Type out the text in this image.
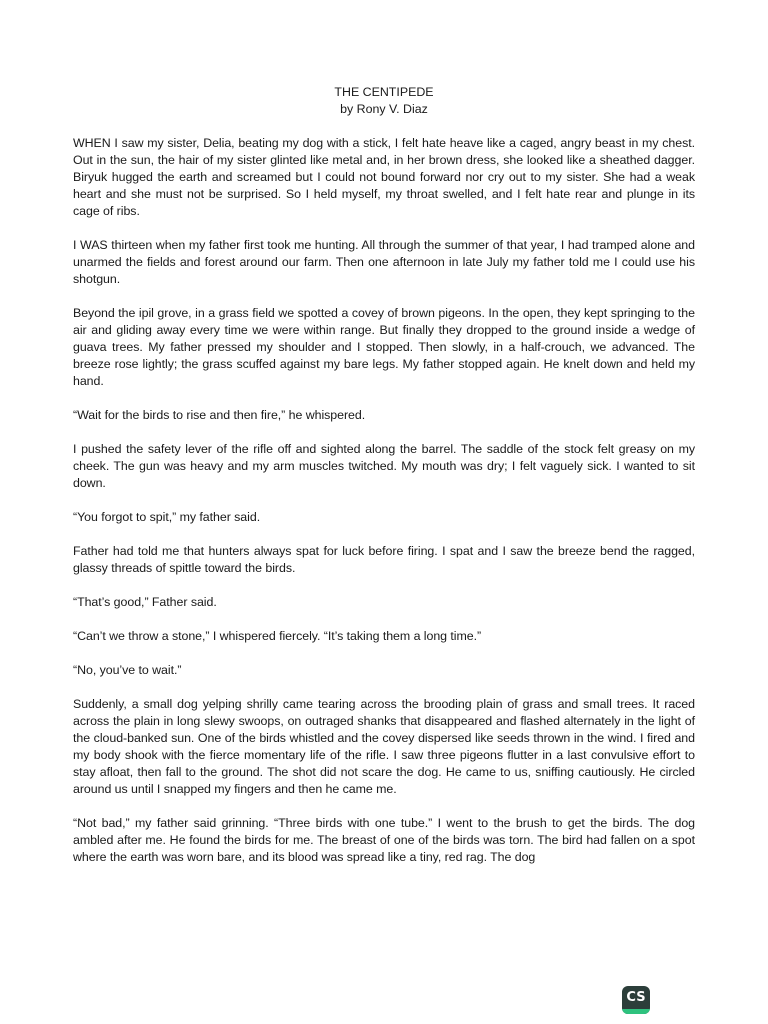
THE CENTIPEDE
by Rony V. Diaz

WHEN I saw my sister, Delia, beating my dog with a stick, I felt hate heave like a caged, angry beast in my chest. Out in the sun, the hair of my sister glinted like metal and, in her brown dress, she looked like a sheathed dagger. Biryuk hugged the earth and screamed but I could not bound forward nor cry out to my sister. She had a weak heart and she must not be surprised. So I held myself, my throat swelled, and I felt hate rear and plunge in its cage of ribs.

I WAS thirteen when my father first took me hunting. All through the summer of that year, I had tramped alone and unarmed the fields and forest around our farm. Then one afternoon in late July my father told me I could use his shotgun.

Beyond the ipil grove, in a grass field we spotted a covey of brown pigeons. In the open, they kept springing to the air and gliding away every time we were within range. But finally they dropped to the ground inside a wedge of guava trees. My father pressed my shoulder and I stopped. Then slowly, in a half-crouch, we advanced. The breeze rose lightly; the grass scuffed against my bare legs. My father stopped again. He knelt down and held my hand.

“Wait for the birds to rise and then fire,” he whispered.

I pushed the safety lever of the rifle off and sighted along the barrel. The saddle of the stock felt greasy on my cheek. The gun was heavy and my arm muscles twitched. My mouth was dry; I felt vaguely sick. I wanted to sit down.

“You forgot to spit,” my father said.

Father had told me that hunters always spat for luck before firing. I spat and I saw the breeze bend the ragged, glassy threads of spittle toward the birds.

“That’s good,” Father said.

“Can’t we throw a stone,” I whispered fiercely. “It’s taking them a long time.”

“No, you’ve to wait.”

Suddenly, a small dog yelping shrilly came tearing across the brooding plain of grass and small trees. It raced across the plain in long slewy swoops, on outraged shanks that disappeared and flashed alternately in the light of the cloud-banked sun. One of the birds whistled and the covey dispersed like seeds thrown in the wind. I fired and my body shook with the fierce momentary life of the rifle. I saw three pigeons flutter in a last convulsive effort to stay afloat, then fall to the ground. The shot did not scare the dog. He came to us, sniffing cautiously. He circled around us until I snapped my fingers and then he came me.

“Not bad,” my father said grinning. “Three birds with one tube.” I went to the brush to get the birds. The dog ambled after me. He found the birds for me. The breast of one of the birds was torn. The bird had fallen on a spot where the earth was worn bare, and its blood was spread like a tiny, red rag. The dog

CS
